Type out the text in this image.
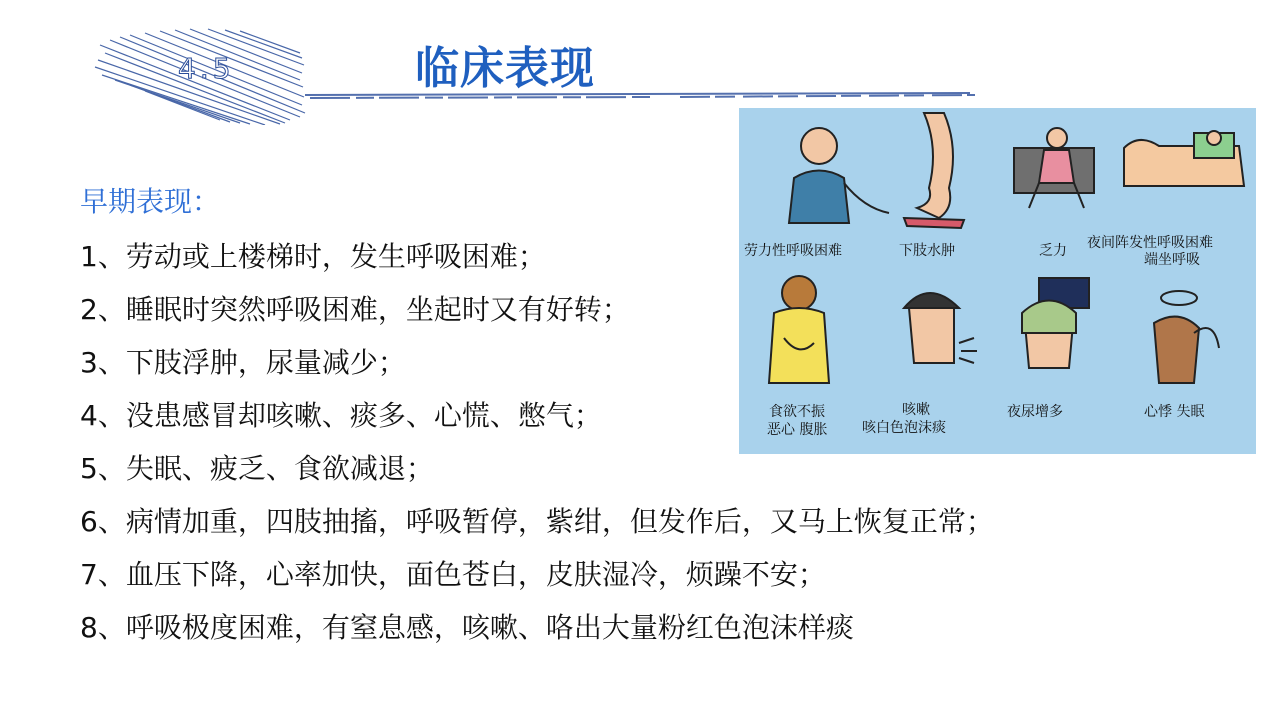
4.5	临床表现
劳力性呼吸困难	下肢水肿	乏力 夜间阵发性呼吸困难
端坐呼吸
食欲不振
恶心 腹胀
咳嗽
咳白色泡沫痰
夜尿增多	心悸 失眠
早期表现：
1、劳动或上楼梯时，发生呼吸困难；
2、睡眠时突然呼吸困难，坐起时又有好转；
3、下肢浮肿，尿量减少；
4、没患感冒却咳嗽、痰多、心慌、憋气；
5、失眠、疲乏、食欲减退；
6、病情加重，四肢抽搐，呼吸暂停，紫绀，但发作后，又马上恢复正常；
7、血压下降，心率加快，面色苍白，皮肤湿冷，烦躁不安；
8、呼吸极度困难，有窒息感，咳嗽、咯出大量粉红色泡沫样痰
